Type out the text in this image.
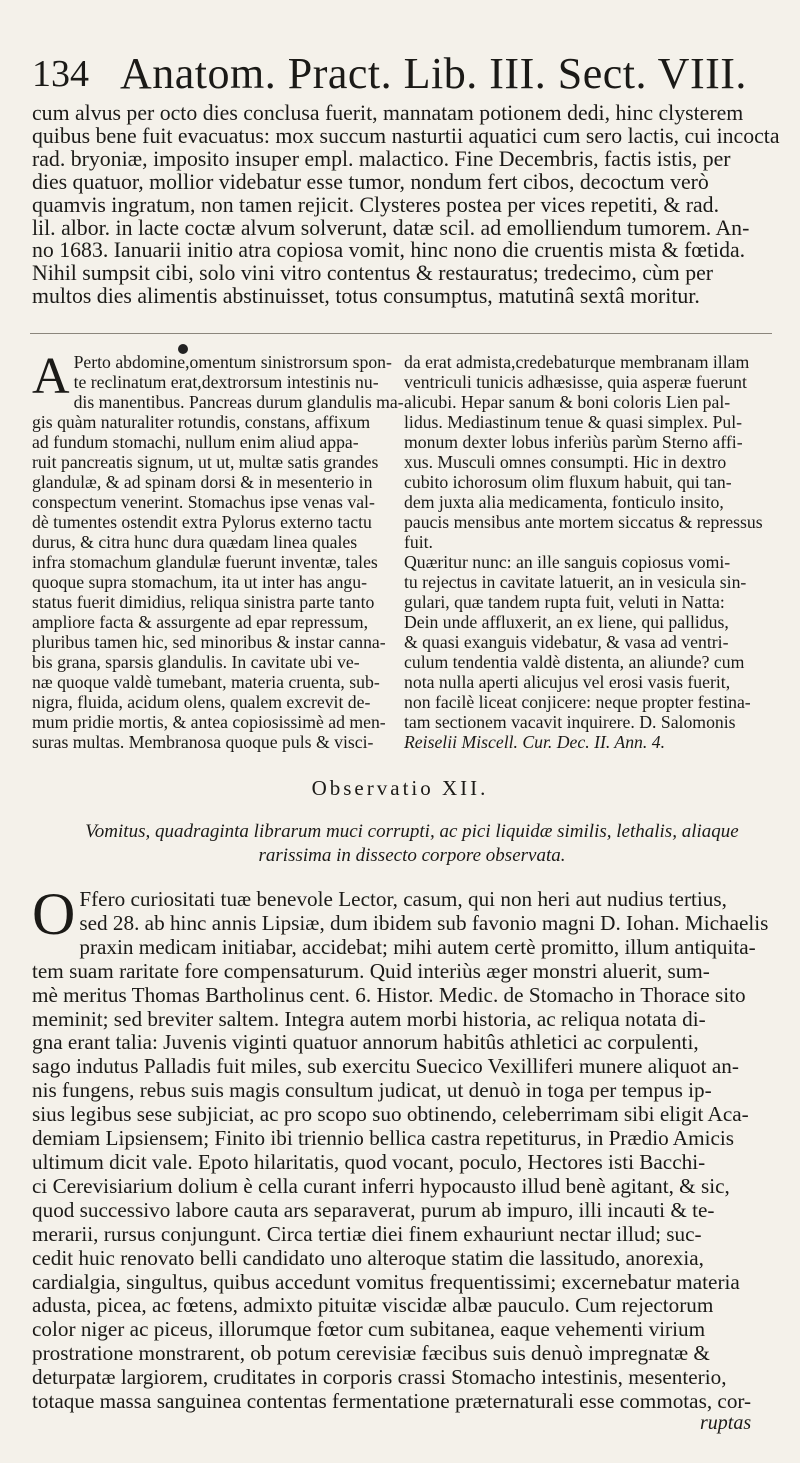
134 Anatom. Pract. Lib. III. Sect. VIII.
cum alvus per octo dies conclusa fuerit, mannatam potionem dedi, hinc clysterem
quibus bene fuit evacuatus: mox succum nasturtii aquatici cum sero lactis, cui incocta
rad. bryoniæ, imposito insuper empl. malactico. Fine Decembris, factis istis, per
dies quatuor, mollior videbatur esse tumor, nondum fert cibos, decoctum verò
quamvis ingratum, non tamen rejicit. Clysteres postea per vices repetiti, & rad.
lil. albor. in lacte coctæ alvum solverunt, datæ scil. ad emolliendum tumorem. An-
no 1683. Ianuarii initio atra copiosa vomit, hinc nono die cruentis mista & fœtida.
Nihil sumpsit cibi, solo vini vitro contentus & restauratus; tredecimo, cùm per
multos dies alimentis abstinuisset, totus consumptus, matutinâ sextâ moritur.
A Perto abdomine,omentum sinistrorsum spon-
te reclinatum erat,dextrorsum intestinis nu-
dis manentibus. Pancreas durum glandulis ma-
gis quàm naturaliter rotundis, constans, affixum
ad fundum stomachi, nullum enim aliud appa-
ruit pancreatis signum, ut ut, multæ satis grandes
glandulæ, & ad spinam dorsi & in mesenterio in
conspectum venerint. Stomachus ipse venas val-
dè tumentes ostendit extra Pylorus externo tactu
durus, & citra hunc dura quædam linea quales
infra stomachum glandulæ fuerunt inventæ, tales
quoque supra stomachum, ita ut inter has angu-
status fuerit dimidius, reliqua sinistra parte tanto
ampliore facta & assurgente ad epar repressum,
pluribus tamen hic, sed minoribus & instar canna-
bis grana, sparsis glandulis. In cavitate ubi ve-
næ quoque valdè tumebant, materia cruenta, sub-
nigra, fluida, acidum olens, qualem excrevit de-
mum pridie mortis, & antea copiosissimè ad men-
suras multas. Membranosa quoque puls & visci-
da erat admista,credebaturque membranam illam
ventriculi tunicis adhæsisse, quia asperæ fuerunt
alicubi. Hepar sanum & boni coloris Lien pal-
lidus. Mediastinum tenue & quasi simplex. Pul-
monum dexter lobus inferiùs parùm Sterno affi-
xus. Musculi omnes consumpti. Hic in dextro
cubito ichorosum olim fluxum habuit, qui tan-
dem juxta alia medicamenta, fonticulo insito,
paucis mensibus ante mortem siccatus & repressus
fuit.
Quæritur nunc: an ille sanguis copiosus vomi-
tu rejectus in cavitate latuerit, an in vesicula sin-
gulari, quæ tandem rupta fuit, veluti in Natta:
Dein unde affluxerit, an ex liene, qui pallidus,
& quasi exanguis videbatur, & vasa ad ventri-
culum tendentia valdè distenta, an aliunde? cum
nota nulla aperti alicujus vel erosi vasis fuerit,
non facilè liceat conjicere: neque propter festina-
tam sectionem vacavit inquirere. D. Salomonis
Reiselii Miscell. Cur. Dec. II. Ann. 4.
Observatio XII.
Vomitus, quadraginta librarum muci corrupti, ac pici liquidæ similis, lethalis, aliaque
rarissima in dissecto corpore observata.
O Ffero curiositati tuæ benevole Lector, casum, qui non heri aut nudius tertius,
sed 28. ab hinc annis Lipsiæ, dum ibidem sub favonio magni D. Iohan. Michaelis
praxin medicam initiabar, accidebat; mihi autem certè promitto, illum antiquita-
tem suam raritate fore compensaturum. Quid interiùs æger monstri aluerit, sum-
mè meritus Thomas Bartholinus cent. 6. Histor. Medic. de Stomacho in Thorace sito
meminit; sed breviter saltem. Integra autem morbi historia, ac reliqua notata di-
gna erant talia: Juvenis viginti quatuor annorum habitûs athletici ac corpulenti,
sago indutus Palladis fuit miles, sub exercitu Suecico Vexilliferi munere aliquot an-
nis fungens, rebus suis magis consultum judicat, ut denuò in toga per tempus ip-
sius legibus sese subjiciat, ac pro scopo suo obtinendo, celeberrimam sibi eligit Aca-
demiam Lipsiensem; Finito ibi triennio bellica castra repetiturus, in Prædio Amicis
ultimum dicit vale. Epoto hilaritatis, quod vocant, poculo, Hectores isti Bacchi-
ci Cerevisiarium dolium è cella curant inferri hypocausto illud benè agitant, & sic,
quod successivo labore cauta ars separaverat, purum ab impuro, illi incauti & te-
merarii, rursus conjungunt. Circa tertiæ diei finem exhauriunt nectar illud; suc-
cedit huic renovato belli candidato uno alteroque statim die lassitudo, anorexia,
cardialgia, singultus, quibus accedunt vomitus frequentissimi; excernebatur materia
adusta, picea, ac fœtens, admixto pituitæ viscidæ albæ pauculo. Cum rejectorum
color niger ac piceus, illorumque fœtor cum subitanea, eaque vehementi virium
prostratione monstrarent, ob potum cerevisiæ fæcibus suis denuò impregnatæ &
deturpatæ largiorem, cruditates in corporis crassi Stomacho intestinis, mesenterio,
totaque massa sanguinea contentas fermentatione præternaturali esse commotas, cor-
ruptas
